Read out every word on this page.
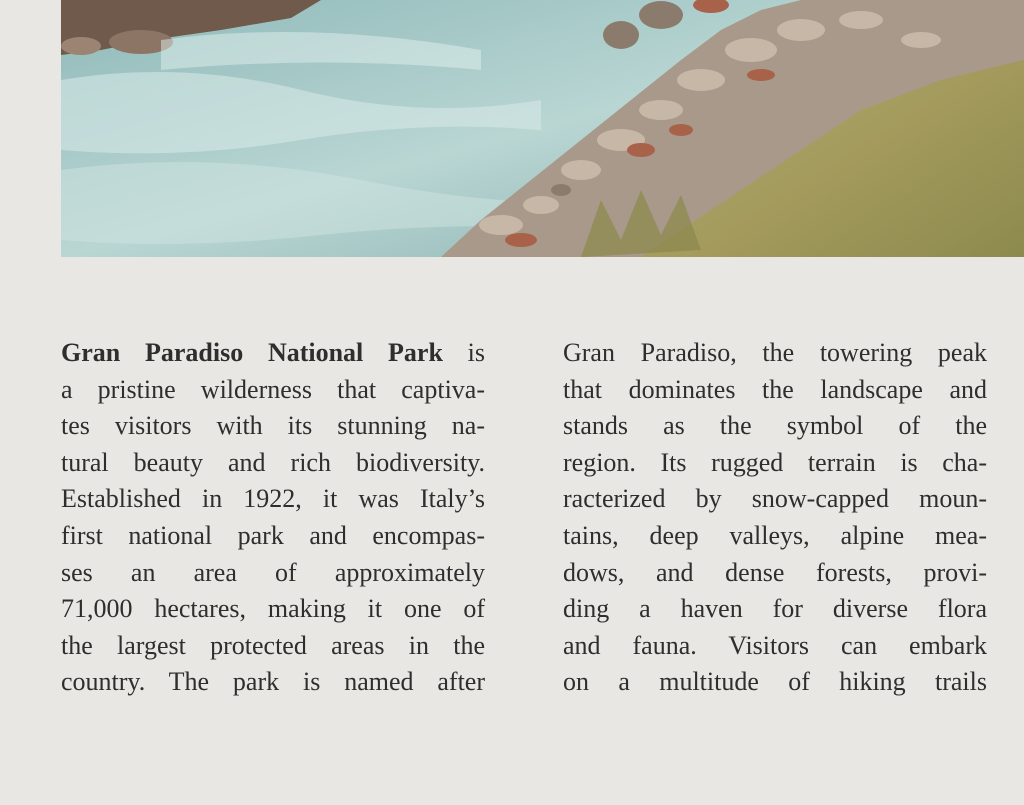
Gran Paradiso National Park is
a pristine wilderness that captiva-
tes visitors with its stunning na-
tural beauty and rich biodiversity.
Established in 1922, it was Italy’s
first national park and encompas-
ses an area of approximately
71,000 hectares, making it one of
the largest protected areas in the
country. The park is named after
Gran Paradiso, the towering peak
that dominates the landscape and
stands as the symbol of the
region. Its rugged terrain is cha-
racterized by snow-capped moun-
tains, deep valleys, alpine mea-
dows, and dense forests, provi-
ding a haven for diverse flora
and fauna. Visitors can embark
on a multitude of hiking trails
